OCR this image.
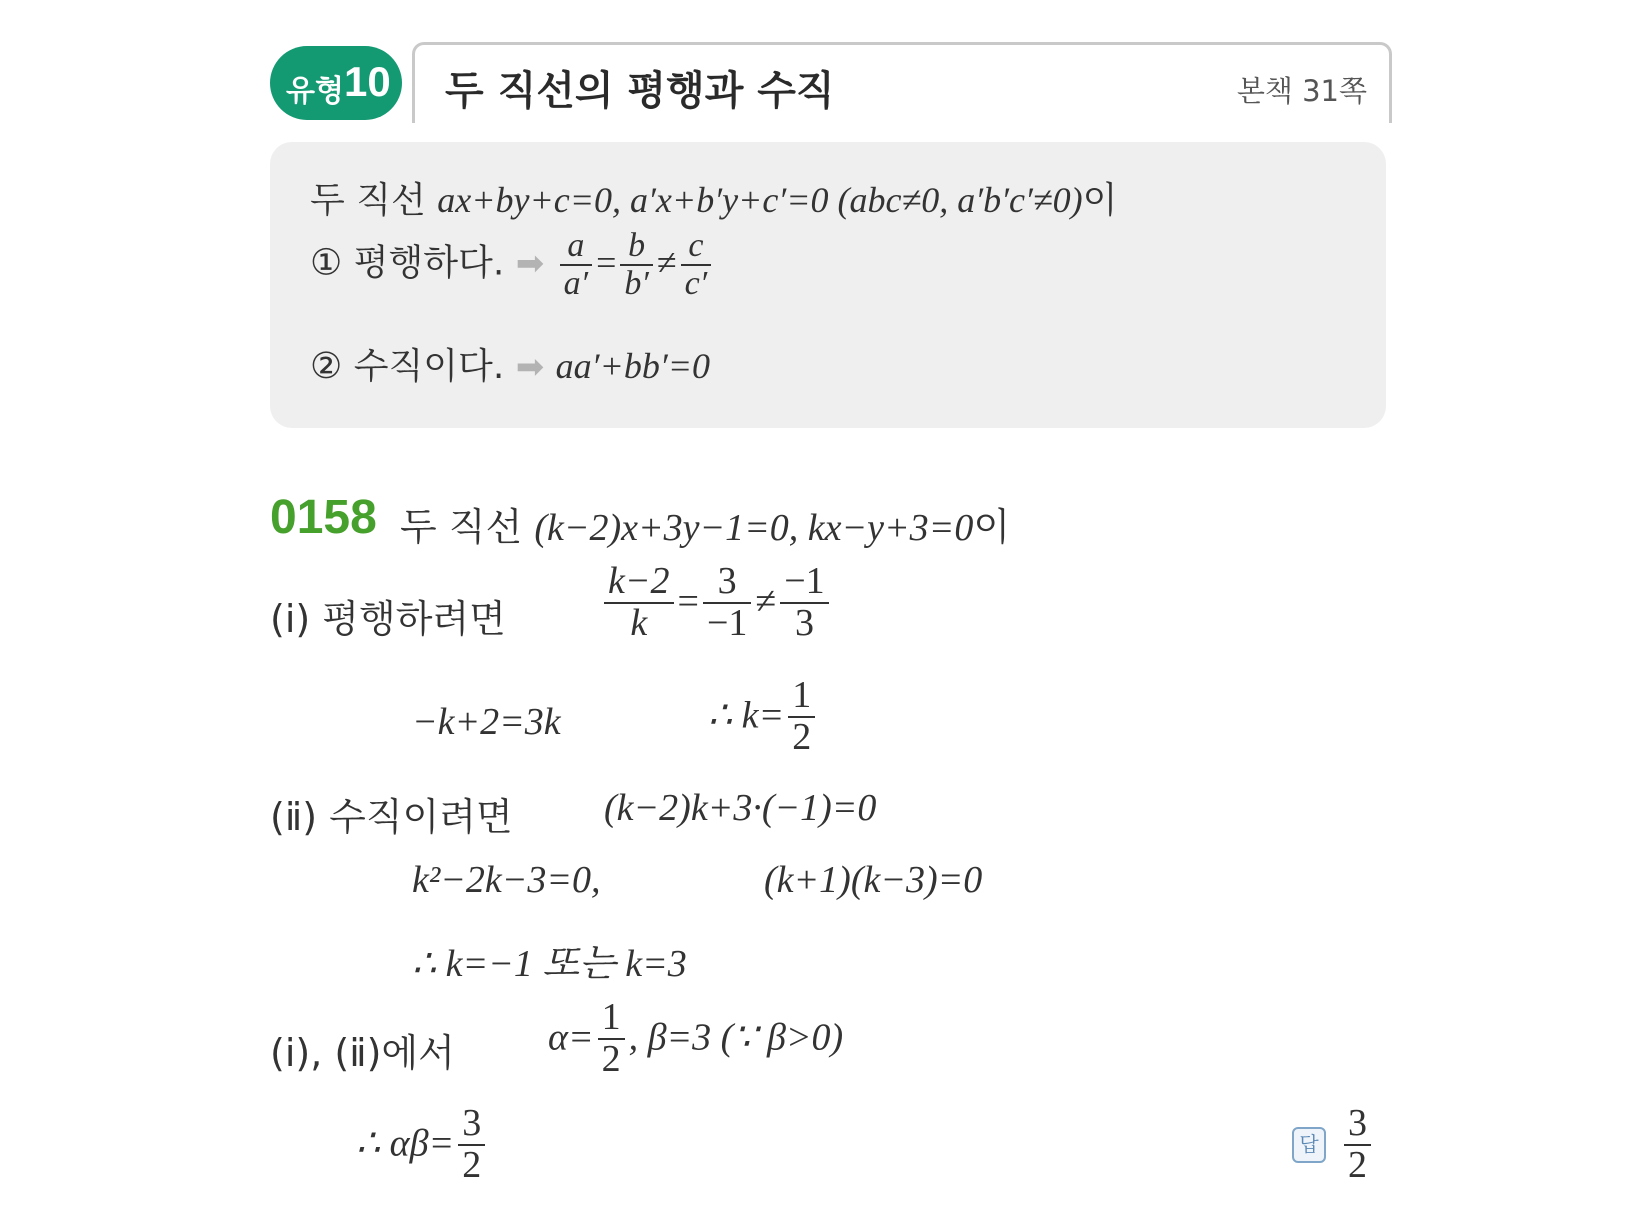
유형 10 두 직선의 평행과 수직	본책 31쪽
두 직선 ax+by+c=0, a′x+b′y+c′=0 (abc≠0, a′b′c′≠0)이
① 평행하다. ➡ $\frac{a}{a'} = \frac{b}{b'} \ne \frac{c}{c'}$
② 수직이다. ➡ aa′+bb′=0
0158 두 직선 (k−2)x+3y−1=0, kx−y+3=0이
(ⅰ) 평행하려면	$\frac{k-2}{k} = \frac{3}{-1} \ne \frac{-1}{3}$
−k+2=3k	∴ $k= \frac{1}{2}$
(ⅱ) 수직이려면 (k−2)k+3·(−1)=0
k²−2k−3=0,	(k+1)(k−3)=0
∴ k=−1 또는 k=3
(ⅰ), (ⅱ)에서 $\alpha= \frac{1}{2}$ , β=3 (∵ β>0)
∴ $\alpha\beta= \frac{3}{2}$	답 $\frac{3}{2}$
